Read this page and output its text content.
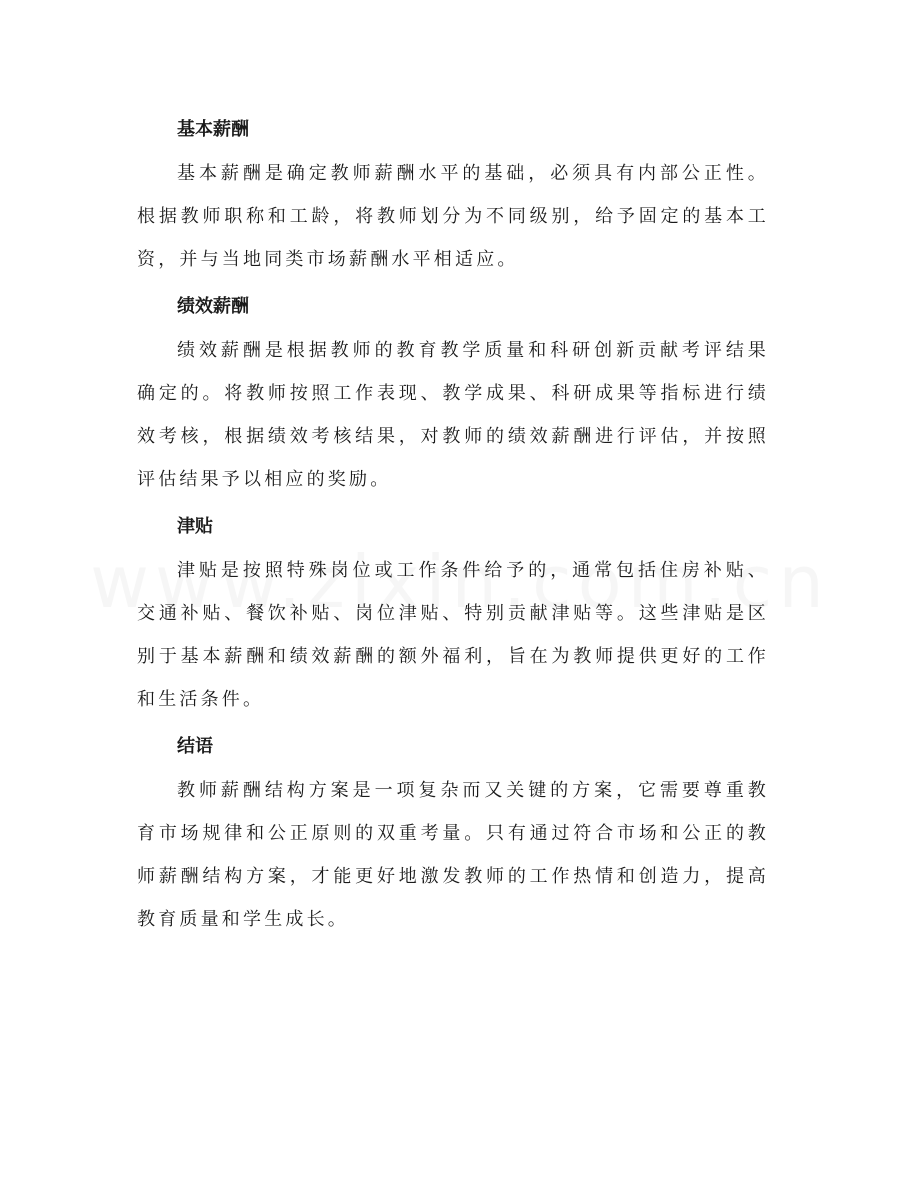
基本薪酬

基本薪酬是确定教师薪酬水平的基础，必须具有内部公正性。根据教师职称和工龄，将教师划分为不同级别，给予固定的基本工资，并与当地同类市场薪酬水平相适应。

绩效薪酬

绩效薪酬是根据教师的教育教学质量和科研创新贡献考评结果确定的。将教师按照工作表现、教学成果、科研成果等指标进行绩效考核，根据绩效考核结果，对教师的绩效薪酬进行评估，并按照评估结果予以相应的奖励。

津贴

津贴是按照特殊岗位或工作条件给予的，通常包括住房补贴、交通补贴、餐饮补贴、岗位津贴、特别贡献津贴等。这些津贴是区别于基本薪酬和绩效薪酬的额外福利，旨在为教师提供更好的工作和生活条件。

结语

教师薪酬结构方案是一项复杂而又关键的方案，它需要尊重教育市场规律和公正原则的双重考量。只有通过符合市场和公正的教师薪酬结构方案，才能更好地激发教师的工作热情和创造力，提高教育质量和学生成长。
